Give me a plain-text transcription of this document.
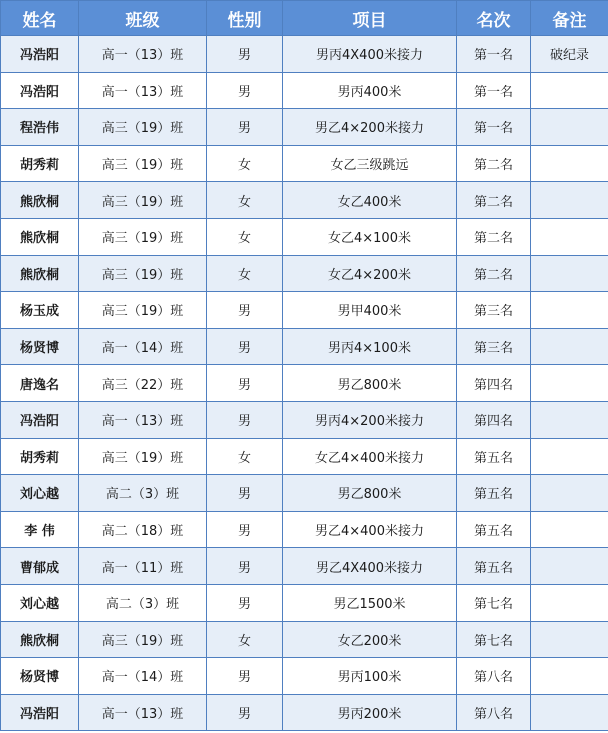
姓名	班级	性别	项目	名次	备注
冯浩阳	高一（13）班	男	男丙4X400米接力	第一名	破纪录
冯浩阳	高一（13）班	男	男丙400米	第一名	
程浩伟	高三（19）班	男	男乙4×200米接力	第一名	
胡秀莉	高三（19）班	女	女乙三级跳远	第二名	
熊欣桐	高三（19）班	女	女乙400米	第二名	
熊欣桐	高三（19）班	女	女乙4×100米	第二名	
熊欣桐	高三（19）班	女	女乙4×200米	第二名	
杨玉成	高三（19）班	男	男甲400米	第三名	
杨贤博	高一（14）班	男	男丙4×100米	第三名	
唐逸名	高三（22）班	男	男乙800米	第四名	
冯浩阳	高一（13）班	男	男丙4×200米接力	第四名	
胡秀莉	高三（19）班	女	女乙4×400米接力	第五名	
刘心越	高二（3）班	男	男乙800米	第五名	
李 伟	高二（18）班	男	男乙4×400米接力	第五名	
曹郁成	高一（11）班	男	男乙4X400米接力	第五名	
刘心越	高二（3）班	男	男乙1500米	第七名	
熊欣桐	高三（19）班	女	女乙200米	第七名	
杨贤博	高一（14）班	男	男丙100米	第八名	
冯浩阳	高一（13）班	男	男丙200米	第八名	
